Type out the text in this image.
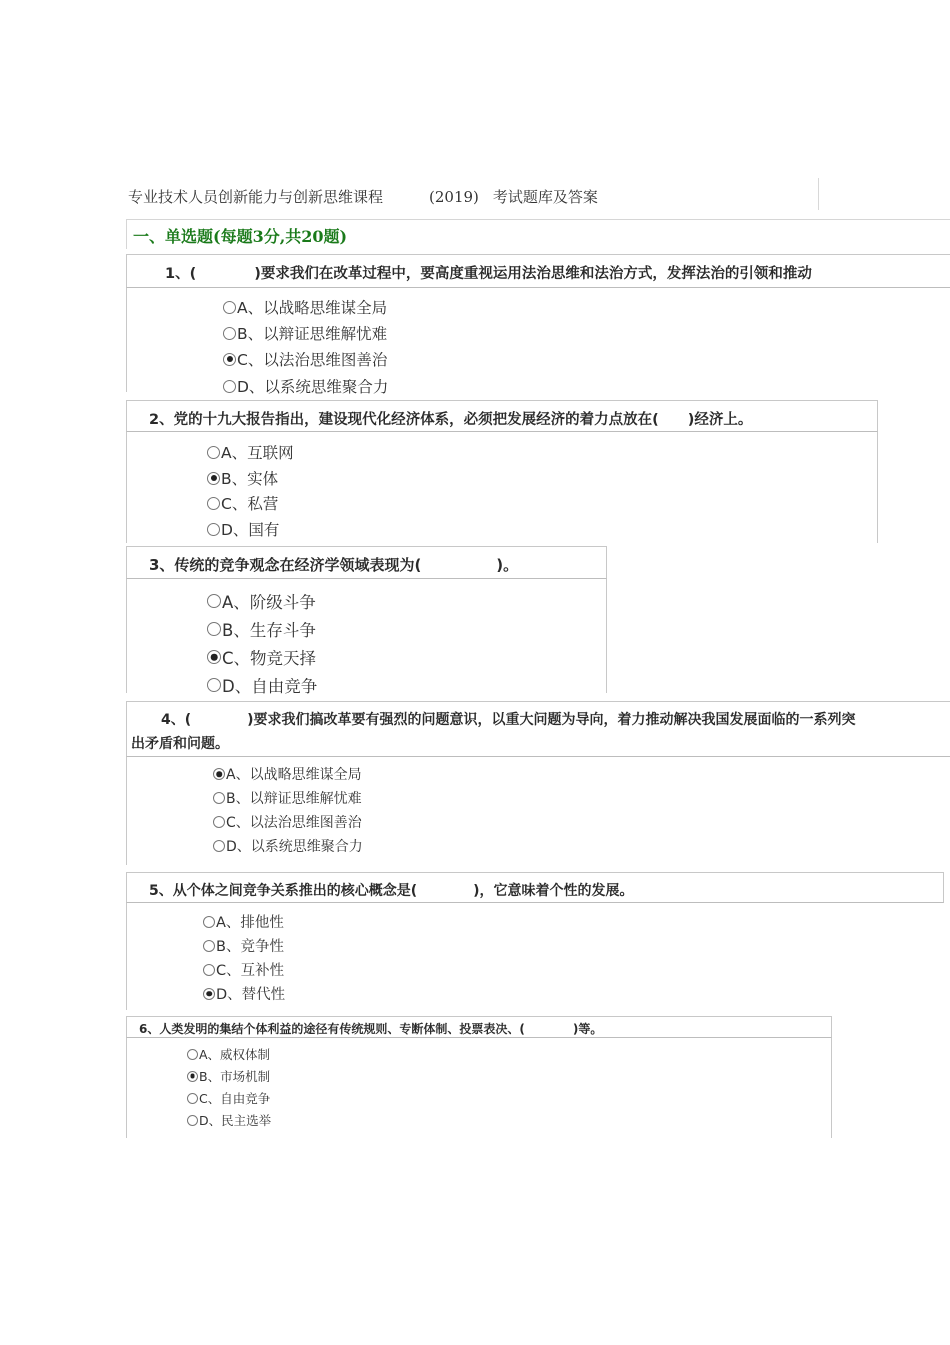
专业技术人员创新能力与创新思维课程	(2019) 考试题库及答案
一、单选题(每题3分,共20题)
1、(　　　　)要求我们在改革过程中，要高度重视运用法治思维和法治方式，发挥法治的引领和推动
A、以战略思维谋全局
B、以辩证思维解忧难
C、以法治思维图善治
D、以系统思维聚合力
2、党的十九大报告指出，建设现代化经济体系，必须把发展经济的着力点放在(　　)经济上。
A、互联网
B、实体
C、私营
D、国有
3、传统的竞争观念在经济学领域表现为(　　　　　)。
A、阶级斗争
B、生存斗争
C、物竞天择
D、自由竞争
4、(　　　　)要求我们搞改革要有强烈的问题意识，以重大问题为导向，着力推动解决我国发展面临的一系列突
出矛盾和问题。
A、以战略思维谋全局
B、以辩证思维解忧难
C、以法治思维图善治
D、以系统思维聚合力
5、从个体之间竞争关系推出的核心概念是(　　　　)，它意味着个性的发展。
A、排他性
B、竞争性
C、互补性
D、替代性
6、人类发明的集结个体利益的途径有传统规则、专断体制、投票表决、(　　　　)等。
A、威权体制
B、市场机制
C、自由竞争
D、民主选举
